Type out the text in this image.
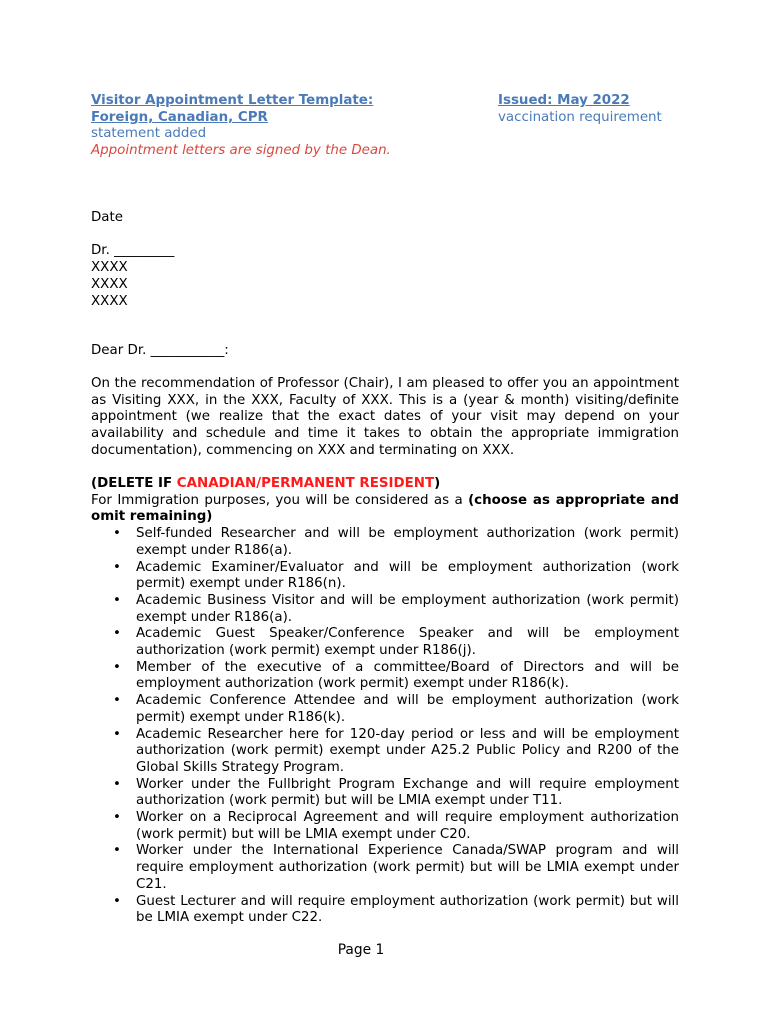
Visitor Appointment Letter Template:
Foreign, Canadian, CPR
statement added
Appointment letters are signed by the Dean.
Issued: May 2022
vaccination requirement
Date
Dr. _________
XXXX
XXXX
XXXX
Dear Dr. ___________:
On the recommendation of Professor (Chair), I am pleased to offer you an appointment as Visiting XXX, in the XXX, Faculty of XXX. This is a (year & month) visiting/definite appointment (we realize that the exact dates of your visit may depend on your availability and schedule and time it takes to obtain the appropriate immigration documentation), commencing on XXX and terminating on XXX.
(DELETE IF CANADIAN/PERMANENT RESIDENT)
For Immigration purposes, you will be considered as a (choose as appropriate and omit remaining)
• Self-funded Researcher and will be employment authorization (work permit) exempt under R186(a).
• Academic Examiner/Evaluator and will be employment authorization (work permit) exempt under R186(n).
• Academic Business Visitor and will be employment authorization (work permit) exempt under R186(a).
• Academic Guest Speaker/Conference Speaker and will be employment authorization (work permit) exempt under R186(j).
• Member of the executive of a committee/Board of Directors and will be employment authorization (work permit) exempt under R186(k).
• Academic Conference Attendee and will be employment authorization (work permit) exempt under R186(k).
• Academic Researcher here for 120-day period or less and will be employment authorization (work permit) exempt under A25.2 Public Policy and R200 of the Global Skills Strategy Program.
• Worker under the Fullbright Program Exchange and will require employment authorization (work permit) but will be LMIA exempt under T11.
• Worker on a Reciprocal Agreement and will require employment authorization (work permit) but will be LMIA exempt under C20.
• Worker under the International Experience Canada/SWAP program and will require employment authorization (work permit) but will be LMIA exempt under C21.
• Guest Lecturer and will require employment authorization (work permit) but will be LMIA exempt under C22.
Page 1
